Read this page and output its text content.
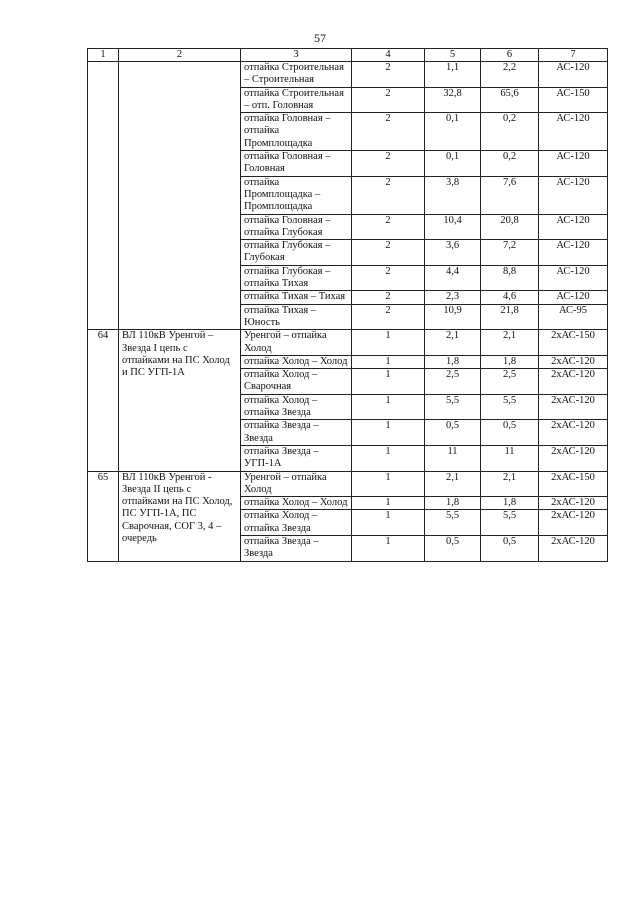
57
1	2	3	4	5	6	7
		отпайка Строительная – Строительная	2	1,1	2,2	АС-120
		отпайка Строительная – отп. Головная	2	32,8	65,6	АС-150
		отпайка Головная – отпайка Промплощадка	2	0,1	0,2	АС-120
		отпайка Головная – Головная	2	0,1	0,2	АС-120
		отпайка Промплощадка – Промплощадка	2	3,8	7,6	АС-120
		отпайка Головная – отпайка Глубокая	2	10,4	20,8	АС-120
		отпайка Глубокая – Глубокая	2	3,6	7,2	АС-120
		отпайка Глубокая – отпайка Тихая	2	4,4	8,8	АС-120
		отпайка Тихая – Тихая	2	2,3	4,6	АС-120
		отпайка Тихая – Юность	2	10,9	21,8	АС-95
64	ВЛ 110кВ Уренгой – Звезда I цепь с отпайками на ПС Холод и ПС УГП-1А	Уренгой – отпайка Холод	1	2,1	2,1	2хАС-150
		отпайка Холод – Холод	1	1,8	1,8	2хАС-120
		отпайка Холод – Сварочная	1	2,5	2,5	2хАС-120
		отпайка Холод – отпайка Звезда	1	5,5	5,5	2хАС-120
		отпайка Звезда – Звезда	1	0,5	0,5	2хАС-120
		отпайка Звезда – УГП-1А	1	11	11	2хАС-120
65	ВЛ 110кВ Уренгой - Звезда II цепь с отпайками на ПС Холод, ПС УГП-1А, ПС Сварочная, СОГ 3, 4 – очередь	Уренгой – отпайка Холод	1	2,1	2,1	2хАС-150
		отпайка Холод – Холод	1	1,8	1,8	2хАС-120
		отпайка Холод – отпайка Звезда	1	5,5	5,5	2хАС-120
		отпайка Звезда – Звезда	1	0,5	0,5	2хАС-120
